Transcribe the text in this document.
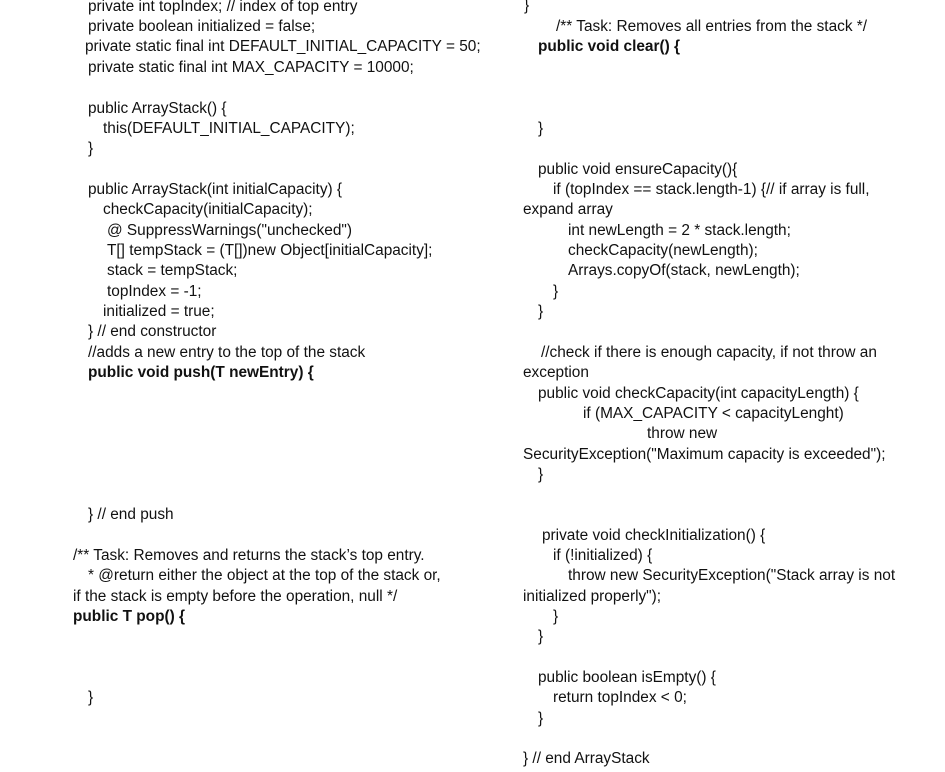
private int topIndex; // index of top entry
private boolean initialized = false;
private static final int DEFAULT_INITIAL_CAPACITY = 50;
private static final int MAX_CAPACITY = 10000;
public ArrayStack() {
this(DEFAULT_INITIAL_CAPACITY);
}
public ArrayStack(int initialCapacity) {
checkCapacity(initialCapacity);
@ SuppressWarnings("unchecked")
T[] tempStack = (T[])new Object[initialCapacity];
stack = tempStack;
topIndex = -1;
initialized = true;
} // end constructor
//adds a new entry to the top of the stack
public void push(T newEntry) {
} // end push
/** Task: Removes and returns the stack’s top entry.
* @return either the object at the top of the stack or,
if the stack is empty before the operation, null */
public T pop() {
}
}
/** Task: Removes all entries from the stack */
public void clear() {
}
public void ensureCapacity(){
if (topIndex == stack.length-1) {// if array is full,
expand array
int newLength = 2 * stack.length;
checkCapacity(newLength);
Arrays.copyOf(stack, newLength);
}
}
//check if there is enough capacity, if not throw an
exception
public void checkCapacity(int capacityLength) {
if (MAX_CAPACITY < capacityLenght)
throw new
SecurityException("Maximum capacity is exceeded");
}
private void checkInitialization() {
if (!initialized) {
throw new SecurityException("Stack array is not
initialized properly");
}
}
public boolean isEmpty() {
return topIndex < 0;
}
} // end ArrayStack
